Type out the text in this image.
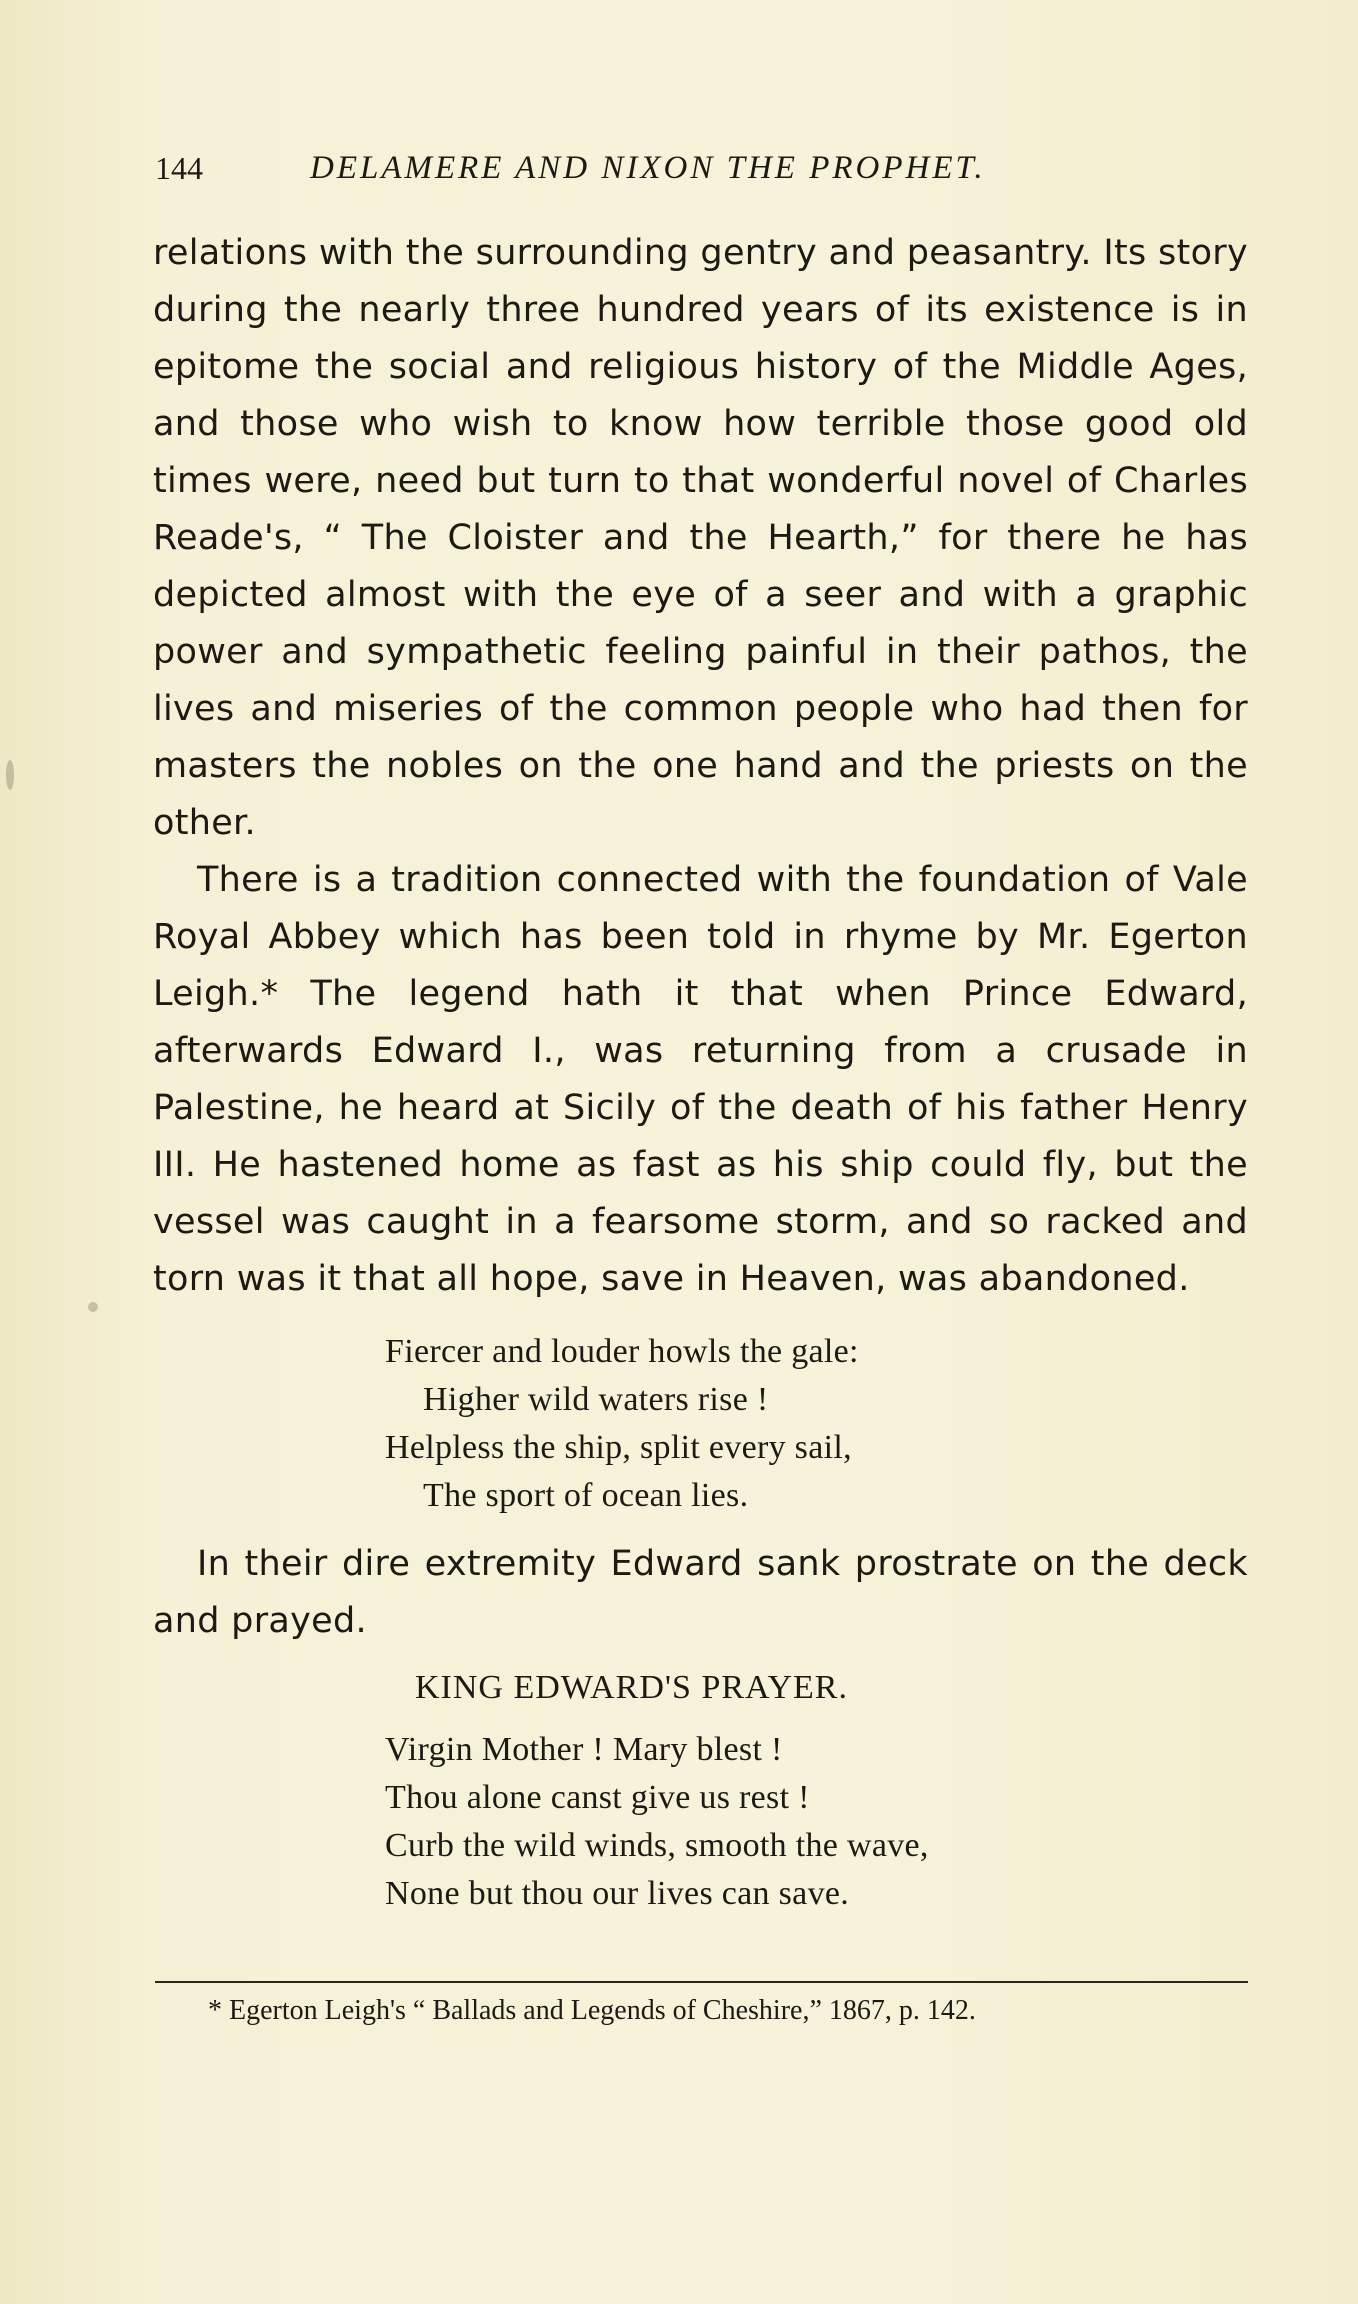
144	DELAMERE AND NIXON THE PROPHET.

relations with the surrounding gentry and peasantry. Its story during the nearly three hundred years of its existence is in epitome the social and religious history of the Middle Ages, and those who wish to know how terrible those good old times were, need but turn to that wonderful novel of Charles Reade's, “ The Cloister and the Hearth,” for there he has depicted almost with the eye of a seer and with a graphic power and sympathetic feeling painful in their pathos, the lives and miseries of the common people who had then for masters the nobles on the one hand and the priests on the other.

There is a tradition connected with the foundation of Vale Royal Abbey which has been told in rhyme by Mr. Egerton Leigh.* The legend hath it that when Prince Edward, afterwards Edward I., was returning from a crusade in Palestine, he heard at Sicily of the death of his father Henry III. He hastened home as fast as his ship could fly, but the vessel was caught in a fearsome storm, and so racked and torn was it that all hope, save in Heaven, was abandoned.

Fiercer and louder howls the gale:
Higher wild waters rise !
Helpless the ship, split every sail,
The sport of ocean lies.

In their dire extremity Edward sank prostrate on the deck and prayed.

KING EDWARD'S PRAYER.
Virgin Mother ! Mary blest !
Thou alone canst give us rest !
Curb the wild winds, smooth the wave,
None but thou our lives can save.
* Egerton Leigh's “ Ballads and Legends of Cheshire,” 1867, p. 142.
